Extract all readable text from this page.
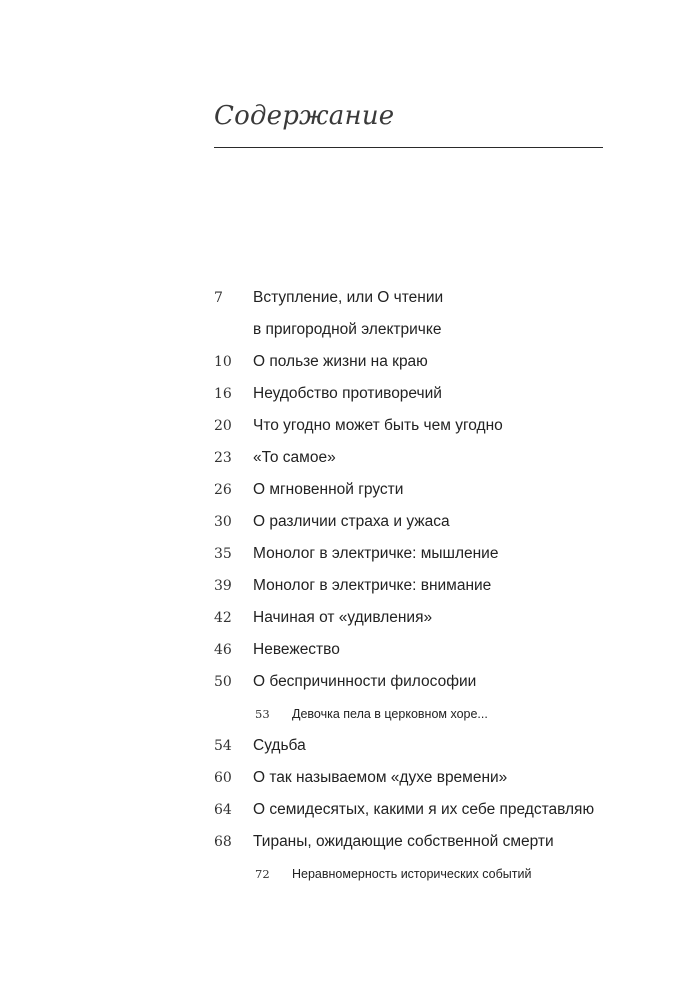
Содержание
7 Вступление, или О чтении
в пригородной электричке
10 О пользе жизни на краю
16 Неудобство противоречий
20 Что угодно может быть чем угодно
23 «То самое»
26 О мгновенной грусти
30 О различии страха и ужаса
35 Монолог в электричке: мышление
39 Монолог в электричке: внимание
42 Начиная от «удивления»
46 Невежество
50 О беспричинности философии
53 Девочка пела в церковном хоре...
54 Судьба
60 О так называемом «духе времени»
64 О семидесятых, какими я их себе представляю
68 Тираны, ожидающие собственной смерти
72 Неравномерность исторических событий
